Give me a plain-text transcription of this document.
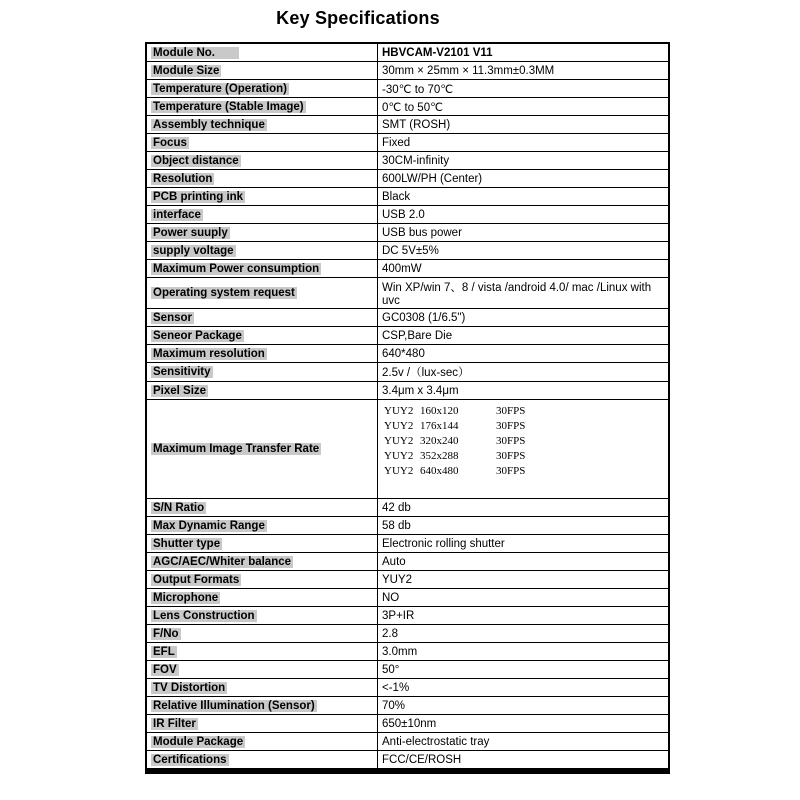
Key Specifications
Module No.	HBVCAM-V2101 V11
Module Size	30mm × 25mm × 11.3mm±0.3MM
Temperature (Operation)	-30℃ to 70℃
Temperature (Stable Image)	0℃ to 50℃
Assembly technique	SMT (ROSH)
Focus	Fixed
Object distance	30CM-infinity
Resolution	600LW/PH (Center)
PCB printing ink	Black
interface	USB 2.0
Power suuply	USB bus power
supply voltage	DC 5V±5%
Maximum Power consumption	400mW
Operating system request	Win XP/win 7、8 / vista /android 4.0/ mac /Linux with uvc
Sensor	GC0308 (1/6.5")
Seneor Package	CSP,Bare Die
Maximum resolution	640*480
Sensitivity	2.5v /（lux-sec）
Pixel Size	3.4μm x 3.4μm
Maximum Image Transfer Rate	YUY2 160x120 30FPS
YUY2 176x144 30FPS
YUY2 320x240 30FPS
YUY2 352x288 30FPS
YUY2 640x480 30FPS

S/N Ratio	42 db
Max Dynamic Range	58 db
Shutter type	Electronic rolling shutter
AGC/AEC/Whiter balance	Auto
Output Formats	YUY2
Microphone	NO
Lens Construction	3P+IR
F/No	2.8
EFL	3.0mm
FOV	50°
TV Distortion	<-1%
Relative Illumination (Sensor)	70%
IR Filter	650±10nm
Module Package	Anti-electrostatic tray
Certifications	FCC/CE/ROSH
